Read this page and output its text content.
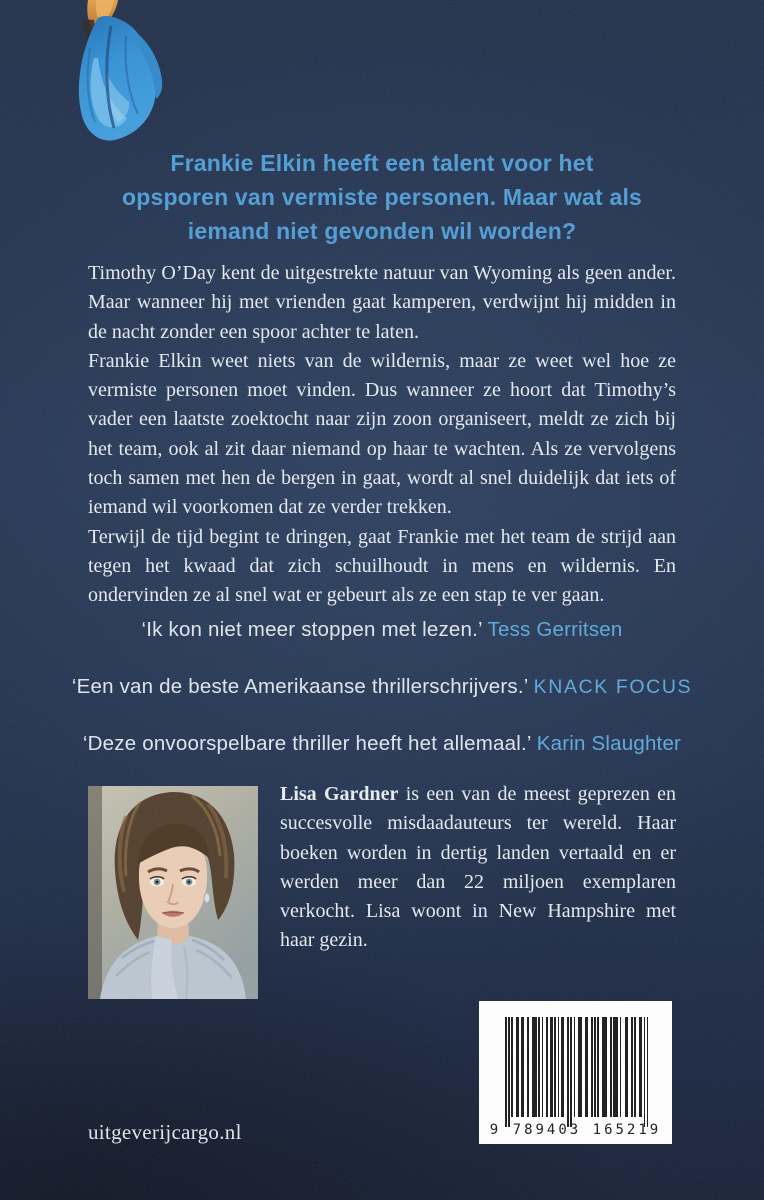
Frankie Elkin heeft een talent voor het
opsporen van vermiste personen. Maar wat als
iemand niet gevonden wil worden?

Timothy O’Day kent de uitgestrekte natuur van Wyoming als geen ander. Maar wanneer hij met vrienden gaat kamperen, verdwijnt hij midden in de nacht zonder een spoor achter te laten.

Frankie Elkin weet niets van de wildernis, maar ze weet wel hoe ze vermiste personen moet vinden. Dus wanneer ze hoort dat Timothy’s vader een laatste zoektocht naar zijn zoon organiseert, meldt ze zich bij het team, ook al zit daar niemand op haar te wachten. Als ze vervolgens toch samen met hen de bergen in gaat, wordt al snel duidelijk dat iets of iemand wil voorkomen dat ze verder trekken.

Terwijl de tijd begint te dringen, gaat Frankie met het team de strijd aan tegen het kwaad dat zich schuilhoudt in mens en wildernis. En ondervinden ze al snel wat er gebeurt als ze een stap te ver gaan.

‘Ik kon niet meer stoppen met lezen.’ Tess Gerritsen
‘Een van de beste Amerikaanse thrillerschrijvers.’ KNACK FOCUS
‘Deze onvoorspelbare thriller heeft het allemaal.’ Karin Slaughter
Lisa Gardner is een van de meest geprezen en succesvolle misdaadauteurs ter wereld. Haar boeken worden in dertig landen vertaald en er werden meer dan 22 miljoen exemplaren verkocht. Lisa woont in New Hampshire met haar gezin.
9 789403 165219
uitgeverijcargo.nl
